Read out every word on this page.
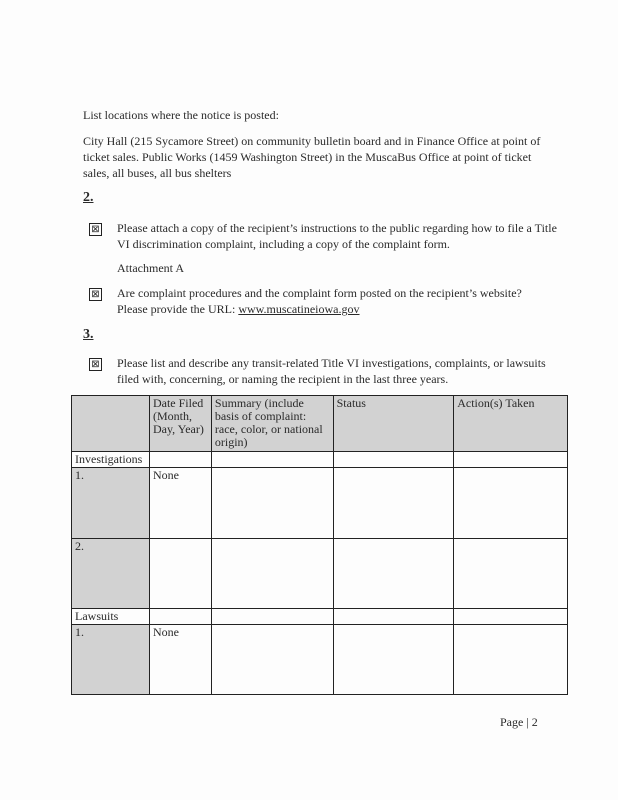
List locations where the notice is posted:
City Hall (215 Sycamore Street) on community bulletin board and in Finance Office at point of ticket sales. Public Works (1459 Washington Street) in the MuscaBus Office at point of ticket sales, all buses, all bus shelters
2.
⊠ Please attach a copy of the recipient’s instructions to the public regarding how to file a Title VI discrimination complaint, including a copy of the complaint form.
Attachment A
⊠ Are complaint procedures and the complaint form posted on the recipient’s website? Please provide the URL: www.muscatineiowa.gov
3.
⊠ Please list and describe any transit-related Title VI investigations, complaints, or lawsuits filed with, concerning, or naming the recipient in the last three years.
	Date Filed (Month, Day, Year)	Summary (include basis of complaint: race, color, or national origin)	Status	Action(s) Taken
Investigations				
1.	None			
2.				
Lawsuits				
1.	None			
Page | 2
